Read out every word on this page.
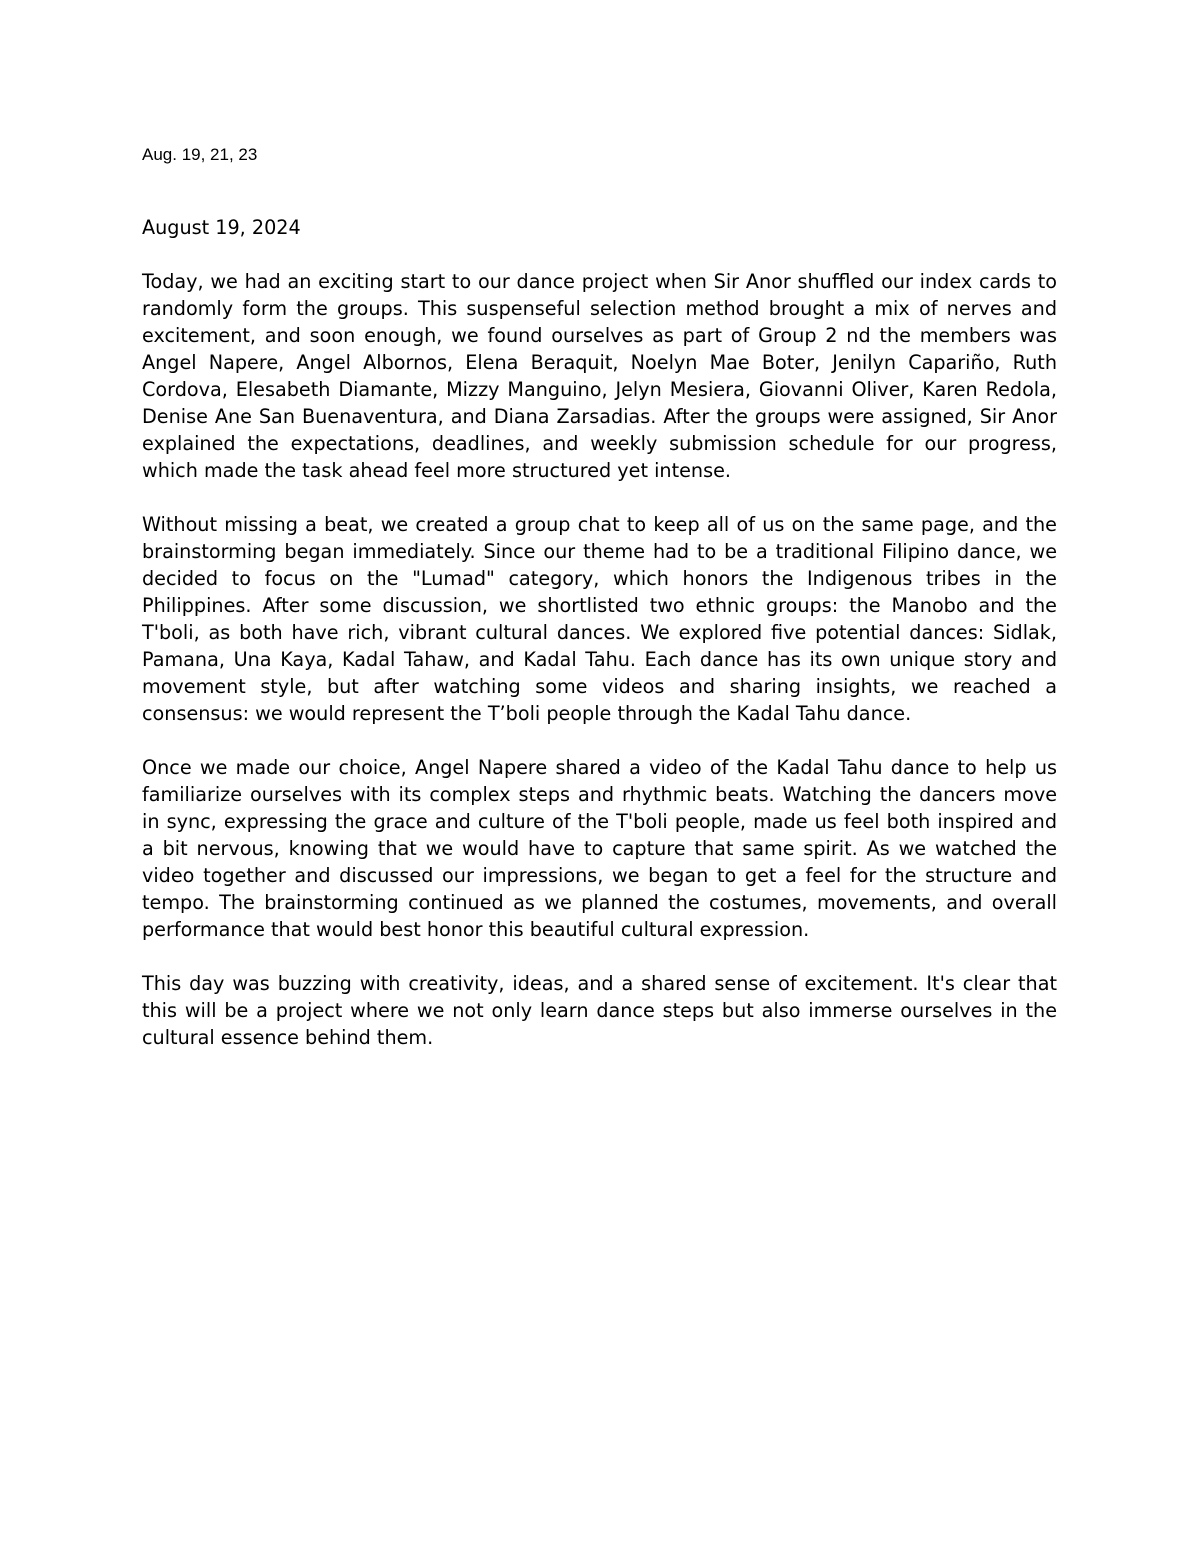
Aug. 19, 21, 23

August 19, 2024

Today, we had an exciting start to our dance project when Sir Anor shuffled our index cards to randomly form the groups. This suspenseful selection method brought a mix of nerves and excitement, and soon enough, we found ourselves as part of Group 2 nd the members was Angel Napere, Angel Albornos, Elena Beraquit, Noelyn Mae Boter, Jenilyn Capariño, Ruth Cordova, Elesabeth Diamante, Mizzy Manguino, Jelyn Mesiera, Giovanni Oliver, Karen Redola, Denise Ane San Buenaventura, and Diana Zarsadias. After the groups were assigned, Sir Anor explained the expectations, deadlines, and weekly submission schedule for our progress, which made the task ahead feel more structured yet intense.

Without missing a beat, we created a group chat to keep all of us on the same page, and the brainstorming began immediately. Since our theme had to be a traditional Filipino dance, we decided to focus on the "Lumad" category, which honors the Indigenous tribes in the Philippines. After some discussion, we shortlisted two ethnic groups: the Manobo and the T'boli, as both have rich, vibrant cultural dances. We explored five potential dances: Sidlak, Pamana, Una Kaya, Kadal Tahaw, and Kadal Tahu. Each dance has its own unique story and movement style, but after watching some videos and sharing insights, we reached a consensus: we would represent the T’boli people through the Kadal Tahu dance.

Once we made our choice, Angel Napere shared a video of the Kadal Tahu dance to help us familiarize ourselves with its complex steps and rhythmic beats. Watching the dancers move in sync, expressing the grace and culture of the T'boli people, made us feel both inspired and a bit nervous, knowing that we would have to capture that same spirit. As we watched the video together and discussed our impressions, we began to get a feel for the structure and tempo. The brainstorming continued as we planned the costumes, movements, and overall performance that would best honor this beautiful cultural expression.

This day was buzzing with creativity, ideas, and a shared sense of excitement. It's clear that this will be a project where we not only learn dance steps but also immerse ourselves in the cultural essence behind them.
